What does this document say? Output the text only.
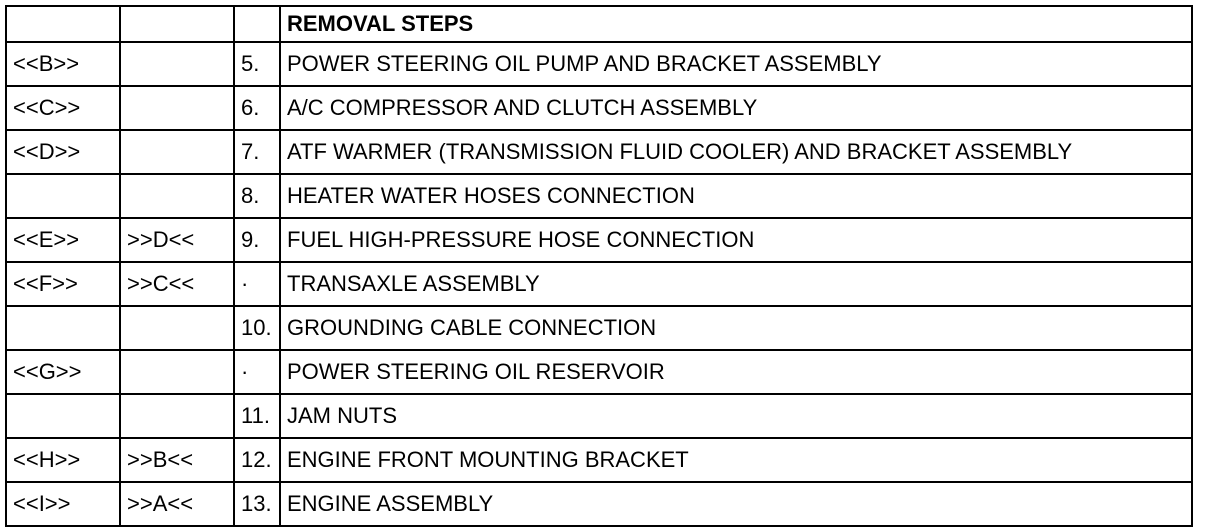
			REMOVAL STEPS
<<B>>		5.	POWER STEERING OIL PUMP AND BRACKET ASSEMBLY
<<C>>		6.	A/C COMPRESSOR AND CLUTCH ASSEMBLY
<<D>>		7.	ATF WARMER (TRANSMISSION FLUID COOLER) AND BRACKET ASSEMBLY
		8.	HEATER WATER HOSES CONNECTION
<<E>>	>>D<<	9.	FUEL HIGH-PRESSURE HOSE CONNECTION
<<F>>	>>C<<	·	TRANSAXLE ASSEMBLY
		10.	GROUNDING CABLE CONNECTION
<<G>>		·	POWER STEERING OIL RESERVOIR
		11.	JAM NUTS
<<H>>	>>B<<	12.	ENGINE FRONT MOUNTING BRACKET
<<I>>	>>A<<	13.	ENGINE ASSEMBLY
